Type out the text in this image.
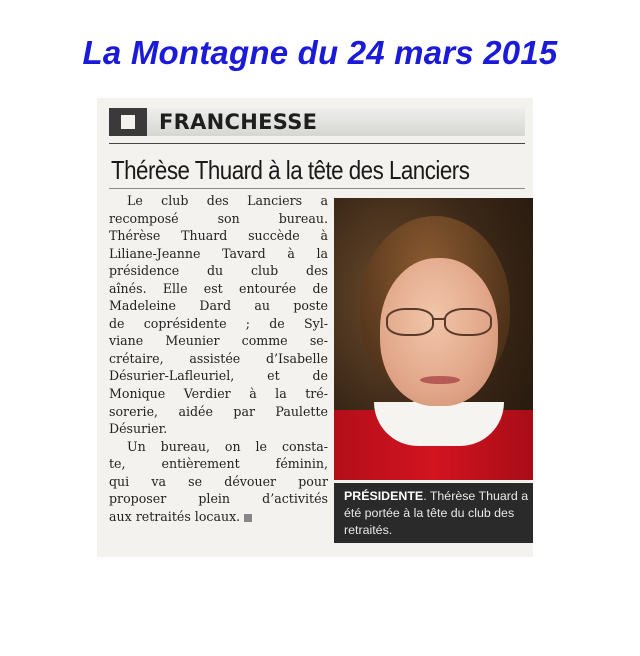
La Montagne du 24 mars 2015
FRANCHESSE
Thérèse Thuard à la tête des Lanciers
Le club des Lanciers a
recomposé son bureau.
Thérèse Thuard succède à
Liliane-Jeanne Tavard à la
présidence du club des
aînés. Elle est entourée de
Madeleine Dard au poste
de coprésidente ; de Syl-
viane Meunier comme se-
crétaire, assistée d’Isabelle
Désurier-Lafleuriel, et de
Monique Verdier à la tré-
sorerie, aidée par Paulette
Désurier.
Un bureau, on le consta-
te, entièrement féminin,
qui va se dévouer pour
proposer plein d’activités
aux retraités locaux.
PRÉSIDENTE. Thérèse Thuard a été portée à la tête du club des retraités.
